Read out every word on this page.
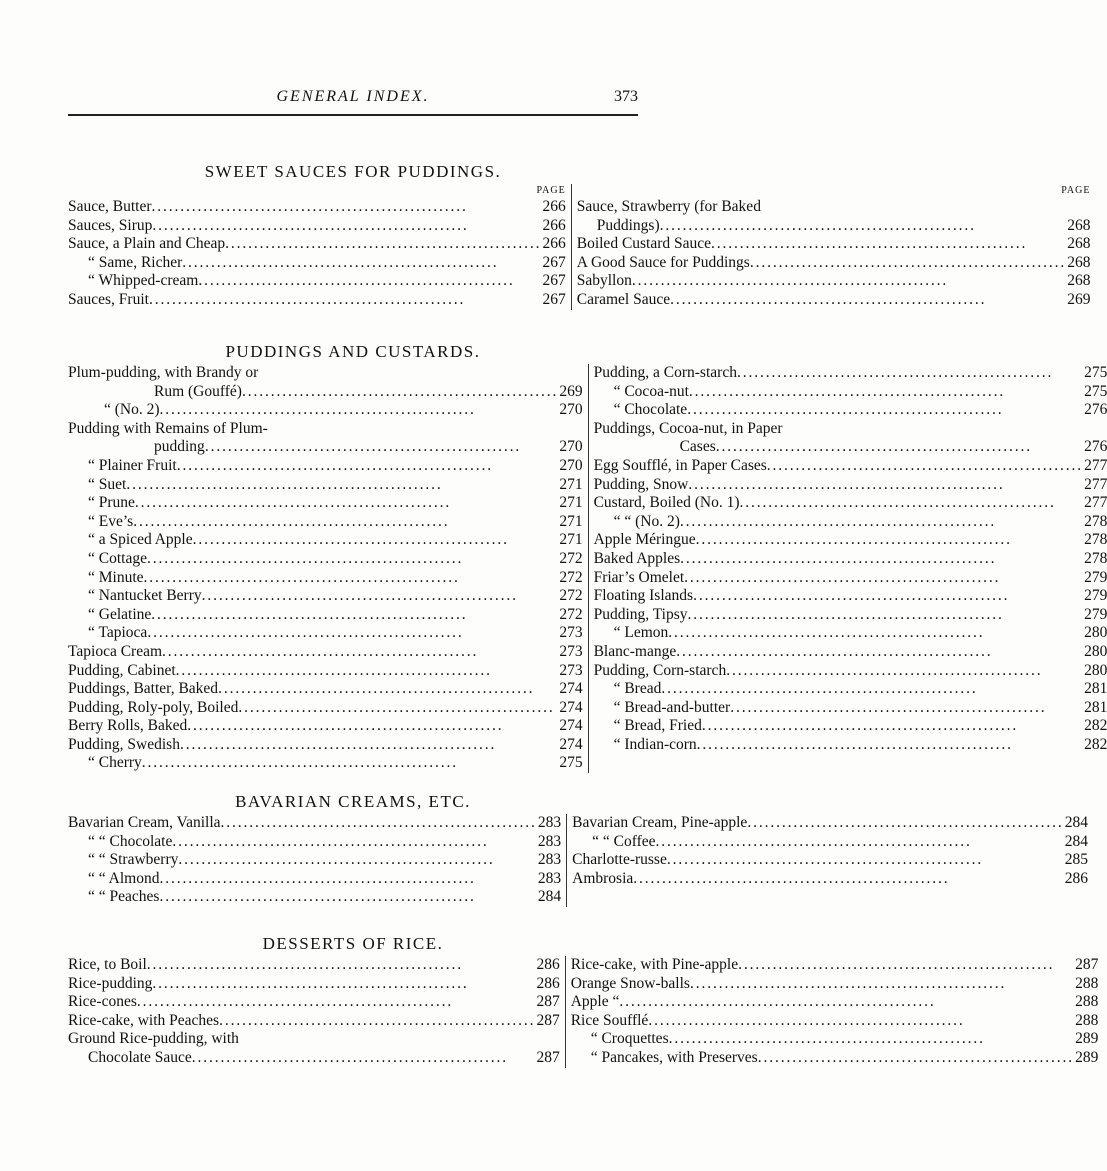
GENERAL INDEX.	373
SWEET SAUCES FOR PUDDINGS.
PAGE
Sauce, Butter . . .	266
Sauces, Sirup . . .	266
Sauce, a Plain and Cheap . . .	266
“ Same, Richer . . .	267
“ Whipped-cream . . .	267
Sauces, Fruit . . .	267
PAGE
Sauce, Strawberry (for Baked
Puddings) . . .	268
Boiled Custard Sauce . . .	268
A Good Sauce for Puddings . . .	268
Sabyllon . . .	268
Caramel Sauce . . .	269
PUDDINGS AND CUSTARDS.
Plum-pudding, with Brandy or
Rum (Gouffé) . . .	269
“ (No. 2) . . .	270
Pudding with Remains of Plum-
pudding . . .	270
“ Plainer Fruit . . .	270
“ Suet . . .	271
“ Prune . . .	271
“ Eve’s . . .	271
“ a Spiced Apple . . .	271
“ Cottage . . .	272
“ Minute . . .	272
“ Nantucket Berry . . .	272
“ Gelatine . . .	272
“ Tapioca . . .	273
Tapioca Cream . . .	273
Pudding, Cabinet . . .	273
Puddings, Batter, Baked . . .	274
Pudding, Roly-poly, Boiled . . .	274
Berry Rolls, Baked . . .	274
Pudding, Swedish . . .	274
“ Cherry . . .	275
Pudding, a Corn-starch . . .	275
“ Cocoa-nut . . .	275
“ Chocolate . . .	276
Puddings, Cocoa-nut, in Paper
Cases . . .	276
Egg Soufflé, in Paper Cases . . .	277
Pudding, Snow . . .	277
Custard, Boiled (No. 1) . . .	277
“ “ (No. 2) . . .	278
Apple Méringue . . .	278
Baked Apples . . .	278
Friar’s Omelet . . .	279
Floating Islands . . .	279
Pudding, Tipsy . . .	279
“ Lemon . . .	280
Blanc-mange . . .	280
Pudding, Corn-starch . . .	280
“ Bread . . .	281
“ Bread-and-butter . . .	281
“ Bread, Fried . . .	282
“ Indian-corn . . .	282
BAVARIAN CREAMS, ETC.
Bavarian Cream, Vanilla . . .	283
“ “ Chocolate . . .	283
“ “ Strawberry . . .	283
“ “ Almond . . .	283
“ “ Peaches . . .	284
Bavarian Cream, Pine-apple . . .	284
“ “ Coffee . . .	284
Charlotte-russe . . .	285
Ambrosia . . .	286
DESSERTS OF RICE.
Rice, to Boil . . .	286
Rice-pudding . . .	286
Rice-cones . . .	287
Rice-cake, with Peaches . . .	287
Ground Rice-pudding, with
Chocolate Sauce . . .	287
Rice-cake, with Pine-apple . . .	287
Orange Snow-balls . . .	288
Apple “ . . .	288
Rice Soufflé . . .	288
“ Croquettes . . .	289
“ Pancakes, with Preserves . . .	289
